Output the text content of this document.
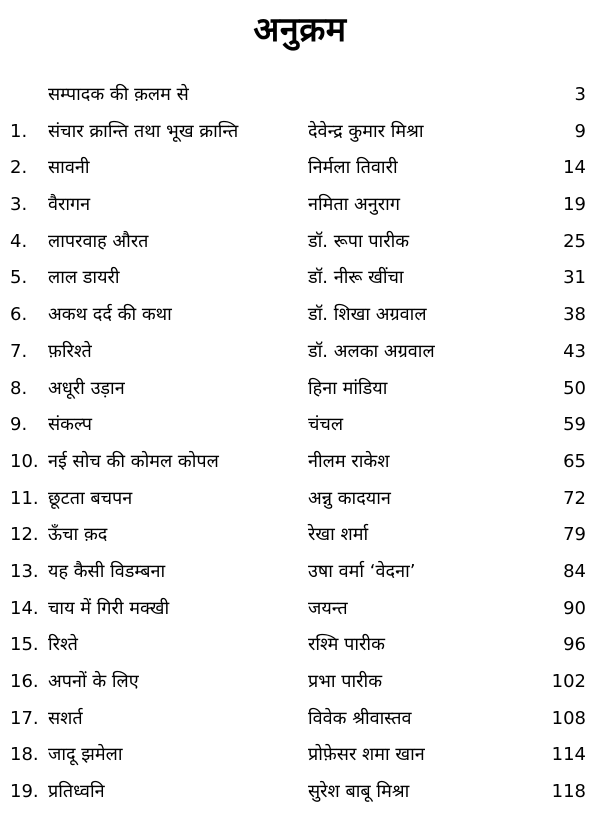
अनुक्रम
सम्पादक की क़लम से	3
1.	संचार क्रान्ति तथा भूख क्रान्ति	देवेन्द्र कुमार मिश्रा	9
2.	सावनी	निर्मला तिवारी	14
3.	वैरागन	नमिता अनुराग	19
4.	लापरवाह औरत	डॉ. रूपा पारीक	25
5.	लाल डायरी	डॉ. नीरू खींचा	31
6.	अकथ दर्द की कथा	डॉ. शिखा अग्रवाल	38
7.	फ़रिश्ते	डॉ. अलका अग्रवाल	43
8.	अधूरी उड़ान	हिना मांडिया	50
9.	संकल्प	चंचल	59
10. नई सोच की कोमल कोपल	नीलम राकेश	65
11. छूटता बचपन	अन्नु कादयान	72
12. ऊँचा क़द	रेखा शर्मा	79
13. यह कैसी विडम्बना	उषा वर्मा ‘वेदना’	84
14. चाय में गिरी मक्खी	जयन्त	90
15. रिश्ते	रश्मि पारीक	96
16. अपनों के लिए	प्रभा पारीक	102
17. सशर्त	विवेक श्रीवास्तव	108
18. जादू झमेला	प्रोफ़ेसर शमा खान	114
19. प्रतिध्वनि	सुरेश बाबू मिश्रा	118
